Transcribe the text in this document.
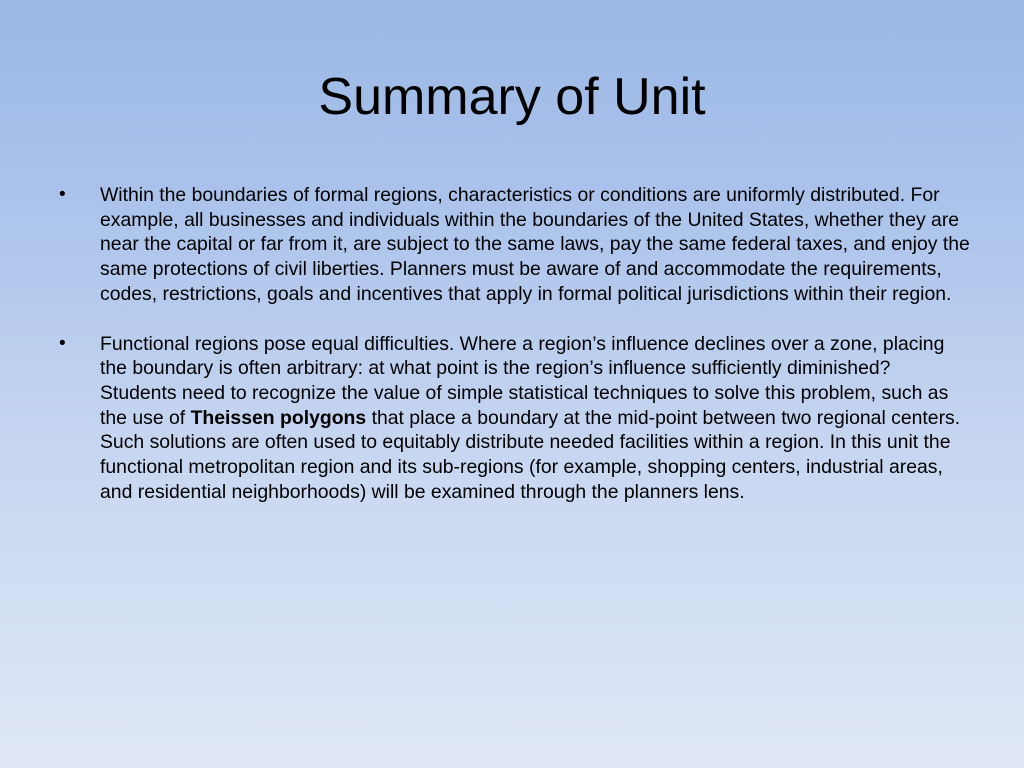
Summary of Unit
•	Within the boundaries of formal regions, characteristics or conditions are uniformly distributed. For example, all businesses and individuals within the boundaries of the United States, whether they are near the capital or far from it, are subject to the same laws, pay the same federal taxes, and enjoy the same protections of civil liberties. Planners must be aware of and accommodate the requirements, codes, restrictions, goals and incentives that apply in formal political jurisdictions within their region.
•	Functional regions pose equal difficulties. Where a region’s influence declines over a zone, placing the boundary is often arbitrary: at what point is the region’s influence sufficiently diminished? Students need to recognize the value of simple statistical techniques to solve this problem, such as the use of Theissen polygons that place a boundary at the mid-point between two regional centers. Such solutions are often used to equitably distribute needed facilities within a region. In this unit the functional metropolitan region and its sub-regions (for example, shopping centers, industrial areas, and residential neighborhoods) will be examined through the planners lens.
